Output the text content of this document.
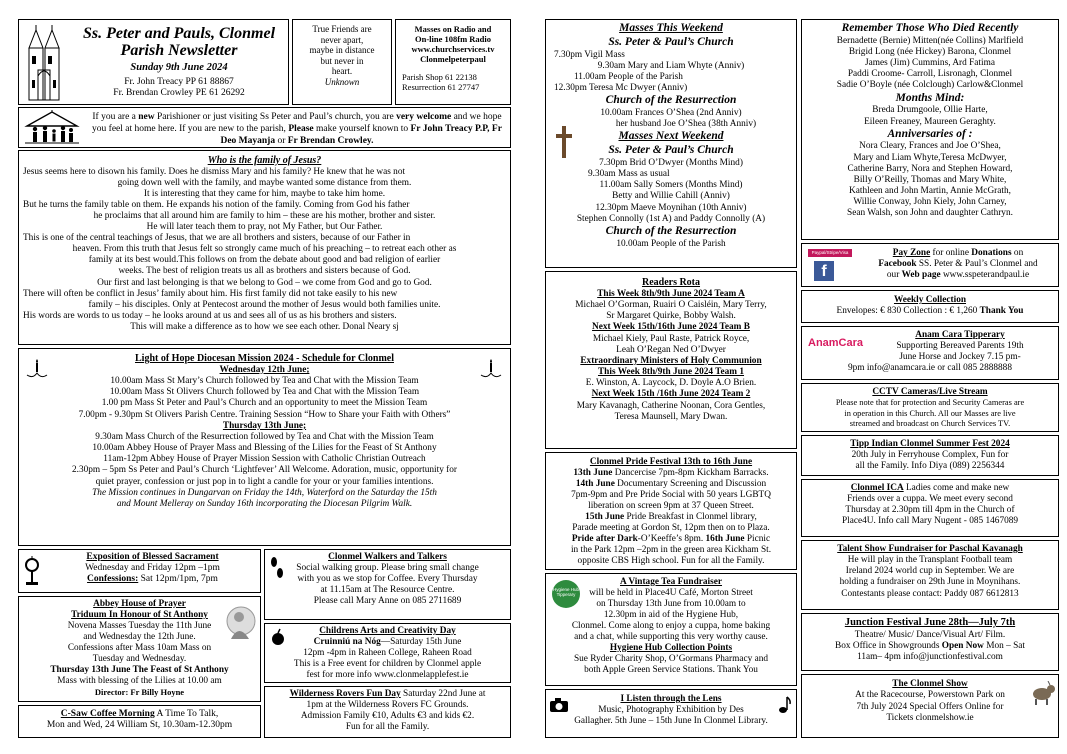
Ss. Peter and Pauls, Clonmel
Parish Newsletter
Sunday 9th June 2024
Fr. John Treacy PP 61 88867
Fr. Brendan Crowley PE 61 26292
True Friends are
never apart,
maybe in distance
but never in
heart.
Unknown
Masses on Radio and
On-line 108fm Radio
www.churchservices.tv
Clonmelpeterpaul
Parish Shop 61 22138
Resurrection 61 27747
If you are a new Parishioner or just visiting Ss Peter and Paul’s church, you are very welcome and we hope you feel at home here. If you are new to the parish, Please make yourself known to Fr John Treacy P.P, Fr Deo Mayanja or Fr Brendan Crowley.
Who is the family of Jesus?
Jesus seems here to disown his family. Does he dismiss Mary and his family? He knew that he was not
going down well with the family, and maybe wanted some distance from them.
It is interesting that they came for him, maybe to take him home.
But he turns the family table on them. He expands his notion of the family. Coming from God his father
he proclaims that all around him are family to him – these are his mother, brother and sister.
He will later teach them to pray, not My Father, but Our Father.
This is one of the central teachings of Jesus, that we are all brothers and sisters, because of our Father in
heaven. From this truth that Jesus felt so strongly came much of his preaching – to retreat each other as
family at its best would.This follows on from the debate about good and bad religion of earlier
weeks. The best of religion treats us all as brothers and sisters because of God.
Our first and last belonging is that we belong to God – we come from God and go to God.
There will often be conflict in Jesus’ family about him. His first family did not take easily to his new
family – his disciples. Only at Pentecost around the mother of Jesus would both families unite.
His words are words to us today – he looks around at us and sees all of us as his brothers and sisters.
This will make a difference as to how we see each other. Donal Neary sj
Light of Hope Diocesan Mission 2024 - Schedule for Clonmel
Wednesday 12th June;
10.00am Mass St Mary’s Church followed by Tea and Chat with the Mission Team
10.00am Mass St Olivers Church followed by Tea and Chat with the Mission Team
1.00 pm Mass St Peter and Paul’s Church and an opportunity to meet the Mission Team
7.00pm - 9.30pm St Olivers Parish Centre. Training Session “How to Share your Faith with Others”
Thursday 13th June;
9.30am Mass Church of the Resurrection followed by Tea and Chat with the Mission Team
10.00am Abbey House of Prayer Mass and Blessing of the Lilies for the Feast of St Anthony
11am-12pm Abbey House of Prayer Mission Session with Catholic Christian Outreach
2.30pm – 5pm Ss Peter and Paul’s Church ‘Lightfever’ All Welcome. Adoration, music, opportunity for
quiet prayer, confession or just pop in to light a candle for your or your families intentions.
The Mission continues in Dungarvan on Friday the 14th, Waterford on the Saturday the 15th
and Mount Melleray on Sunday 16th incorporating the Diocesan Pilgrim Walk.
Exposition of Blessed Sacrament
Wednesday and Friday 12pm –1pm
Confessions: Sat 12pm/1pm, 7pm
Abbey House of Prayer
Triduum In Honour of St Anthony
Novena Masses Tuesday the 11th June
and Wednesday the 12th June.
Confessions after Mass 10am Mass on
Tuesday and Wednesday.
Thursday 13th June The Feast of St Anthony
Mass with blessing of the Lilies at 10.00 am
Director: Fr Billy Hoyne
C-Saw Coffee Morning A Time To Talk,
Mon and Wed, 24 William St, 10.30am-12.30pm
Clonmel Walkers and Talkers
Social walking group. Please bring small change
with you as we stop for Coffee. Every Thursday
at 11.15am at The Resource Centre.
Please call Mary Anne on 085 2711689
Childrens Arts and Creativity Day
Cruinniú na Nóg—Saturday 15th June
12pm -4pm in Raheen College, Raheen Road
This is a Free event for children by Clonmel apple
fest for more info www.clonmelapplefest.ie
Wilderness Rovers Fun Day Saturday 22nd June at
1pm at the Wilderness Rovers FC Grounds.
Admission Family €10, Adults €3 and kids €2.
Fun for all the Family.
Masses This Weekend
Ss. Peter & Paul’s Church
7.30pm Vigil Mass
9.30am Mary and Liam Whyte (Anniv)
11.00am People of the Parish
12.30pm Teresa Mc Dwyer (Anniv)
Church of the Resurrection
10.00am Frances O’Shea (2nd Anniv)
her husband Joe O’Shea (38th Anniv)
Masses Next Weekend
Ss. Peter & Paul’s Church
7.30pm Brid O’Dwyer (Months Mind)
9.30am Mass as usual
11.00am Sally Somers (Months Mind)
Betty and Willie Cahill (Anniv)
12.30pm Maeve Moynihan (10th Anniv)
Stephen Connolly (1st A) and Paddy Connolly (A)
Church of the Resurrection
10.00am People of the Parish
Readers Rota
This Week 8th/9th June 2024 Team A
Michael O’Gorman, Ruairi O Caisléin, Mary Terry,
Sr Margaret Quirke, Bobby Walsh.
Next Week 15th/16th June 2024 Team B
Michael Kiely, Paul Raste, Patrick Royce,
Leah O’Regan Ned O’Dwyer
Extraordinary Ministers of Holy Communion
This Week 8th/9th June 2024 Team 1
E. Winston, A. Laycock, D. Doyle A.O Brien.
Next Week 15th /16th June 2024 Team 2
Mary Kavanagh, Catherine Noonan, Cora Gentles,
Teresa Maunsell, Mary Dwan.
Clonmel Pride Festival 13th to 16th June
13th June Dancercise 7pm-8pm Kickham Barracks.
14th June Documentary Screening and Discussion
7pm-9pm and Pre Pride Social with 50 years LGBTQ
liberation on screen 9pm at 37 Queen Street.
15th June Pride Breakfast in Clonmel library,
Parade meeting at Gordon St, 12pm then on to Plaza.
Pride after Dark-O’Keeffe’s 8pm. 16th June Picnic
in the Park 12pm –2pm in the green area Kickham St.
opposite CBS High school. Fun for all the Family.
Hygiene Hub Tipperary
A Vintage Tea Fundraiser
will be held in Place4U Café, Morton Street
on Thursday 13th June from 10.00am to
12.30pm in aid of the Hygiene Hub,
Clonmel. Come along to enjoy a cuppa, home baking
and a chat, while supporting this very worthy cause.
Hygiene Hub Collection Points
Sue Ryder Charity Shop, O’Gormans Pharmacy and
both Apple Green Service Stations. Thank You
I Listen through the Lens
Music, Photography Exhibition by Des
Gallagher. 5th June – 15th June In Clonmel Library.
Remember Those Who Died Recently
Bernadette (Bernie) Mitten(née Collins) Marlfield
Brigid Long (née Hickey) Barona, Clonmel
James (Jim) Cummins, Ard Fatima
Paddi Croome- Carroll, Lisronagh, Clonmel
Sadie O’Boyle (née Colclough) Carlow&Clonmel
Months Mind:
Breda Drumgoole, Ollie Harte,
Eileen Freaney, Maureen Geraghty.
Anniversaries of :
Nora Cleary, Frances and Joe O’Shea,
Mary and Liam Whyte,Teresa McDwyer,
Catherine Barry, Nora and Stephen Howard,
Billy O’Reilly, Thomas and Mary White,
Kathleen and John Martin, Annie McGrath,
Willie Conway, John Kiely, John Carney,
Sean Walsh, son John and daughter Cathryn.
Paypal/Stripe/Visa
f
Pay Zone for online Donations on
Facebook SS. Peter & Paul’s Clonmel and
our Web page www.sspeterandpaul.ie
Weekly Collection
Envelopes: € 830 Collection : € 1,260 Thank You
AnamCara
Anam Cara Tipperary
Supporting Bereaved Parents 19th
June Horse and Jockey 7.15 pm-
9pm info@anamcara.ie or call 085 2888888
CCTV Cameras/Live Stream
Please note that for protection and Security Cameras are
in operation in this Church. All our Masses are live
streamed and broadcast on Church Services TV.
Tipp Indian Clonmel Summer Fest 2024
20th July in Ferryhouse Complex, Fun for
all the Family. Info Diya (089) 2256344
Clonmel ICA Ladies come and make new
Friends over a cuppa. We meet every second
Thursday at 2.30pm till 4pm in the Church of
Place4U. Info call Mary Nugent - 085 1467089
Talent Show Fundraiser for Paschal Kavanagh
He will play in the Transplant Football team
Ireland 2024 world cup in September. We are
holding a fundraiser on 29th June in Moynihans.
Contestants please contact: Paddy 087 6612813
Junction Festival June 28th—July 7th
Theatre/ Music/ Dance/Visual Art/ Film.
Box Office in Showgrounds Open Now Mon – Sat
11am– 4pm info@junctionfestival.com
The Clonmel Show
At the Racecourse, Powerstown Park on
7th July 2024 Special Offers Online for
Tickets clonmelshow.ie
